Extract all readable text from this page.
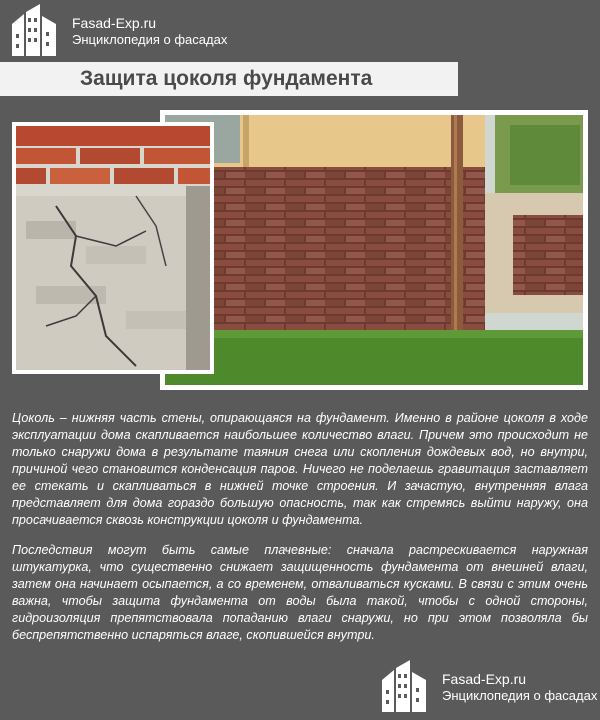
Fasad-Exp.ru
Энциклопедия о фасадах
Защита цоколя фундамента

Цоколь – нижняя часть стены, опирающаяся на фундамент. Именно в районе цоколя в ходе эксплуатации дома скапливается наибольшее количество влаги. Причем это происходит не только снаружи дома в результате таяния снега или скопления дождевых вод, но внутри, причиной чего становится конденсация паров. Ничего не поделаешь гравитация заставляет ее стекать и скапливаться в нижней точке строения. И зачастую, внутренняя влага представляет для дома гораздо большую опасность, так как стремясь выйти наружу, она просачивается сквозь конструкции цоколя и фундамента.

Последствия могут быть самые плачевные: сначала растрескивается наружная штукатурка, что существенно снижает защищенность фундамента от внешней влаги, затем она начинает осыпается, а со временем, отваливаться кусками. В связи с этим очень важна, чтобы защита фундамента от воды была такой, чтобы с одной стороны, гидроизоляция препятствовала попаданию влаги снаружи, но при этом позволяла бы беспрепятственно испаряться влаге, скопившейся внутри.

Fasad-Exp.ru
Энциклопедия о фасадах
